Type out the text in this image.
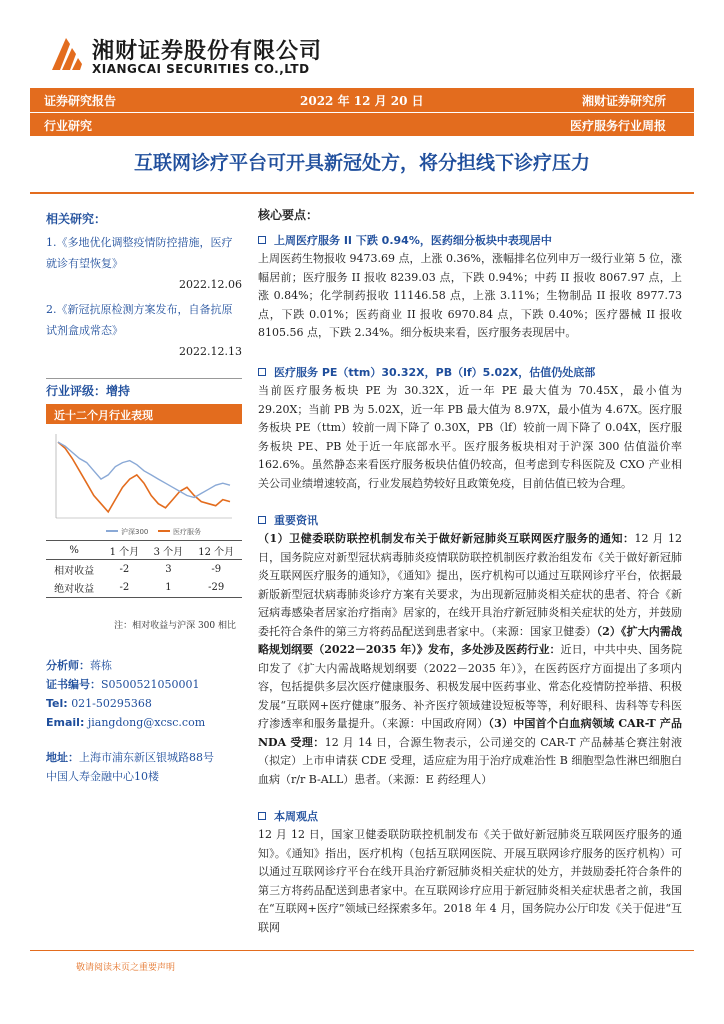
湘财证券股份有限公司
XIANGCAI SECURITIES CO.,LTD
证券研究报告	2022 年 12 月 20 日	湘财证券研究所
行业研究	医疗服务行业周报
互联网诊疗平台可开具新冠处方，将分担线下诊疗压力
相关研究：
1.《多地优化调整疫情防控措施，医疗就诊有望恢复》
2022.12.06
2.《新冠抗原检测方案发布，自备抗原试剂盒成常态》
2022.12.13
行业评级：增持
近十二个月行业表现
沪深300	医疗服务
%	1 个月	3 个月	12 个月
相对收益	-2	3	-9
绝对收益	-2	1	-29
注：相对收益与沪深 300 相比
分析师：蒋栋
证书编号：S0500521050001
Tel: 021-50295368
Email: jiangdong@xcsc.com
地址：上海市浦东新区银城路88号
中国人寿金融中心10楼
核心要点：
上周医疗服务 II 下跌 0.94%，医药细分板块中表现居中
上周医药生物报收 9473.69 点，上涨 0.36%，涨幅排名位列申万一级行业第 5 位，涨幅居前；医疗服务 II 报收 8239.03 点，下跌 0.94%；中药 II 报收 8067.97 点，上涨 0.84%；化学制药报收 11146.58 点，上涨 3.11%；生物制品 II 报收 8977.73 点，下跌 0.01%；医药商业 II 报收 6970.84 点，下跌 0.40%；医疗器械 II 报收 8105.56 点，下跌 2.34%。细分板块来看，医疗服务表现居中。
医疗服务 PE（ttm）30.32X，PB（lf）5.02X，估值仍处底部
当前医疗服务板块 PE 为 30.32X，近一年 PE 最大值为 70.45X，最小值为 29.20X；当前 PB 为 5.02X，近一年 PB 最大值为 8.97X，最小值为 4.67X。医疗服务板块 PE（ttm）较前一周下降了 0.30X，PB（lf）较前一周下降了 0.04X，医疗服务板块 PE、PB 处于近一年底部水平。医疗服务板块相对于沪深 300 估值溢价率 162.6%。虽然静态来看医疗服务板块估值仍较高，但考虑到专科医院及 CXO 产业相关公司业绩增速较高，行业发展趋势较好且政策免疫，目前估值已较为合理。
重要资讯
（1）卫健委联防联控机制发布关于做好新冠肺炎互联网医疗服务的通知：12 月 12 日，国务院应对新型冠状病毒肺炎疫情联防联控机制医疗救治组发布《关于做好新冠肺炎互联网医疗服务的通知》，《通知》提出，医疗机构可以通过互联网诊疗平台，依据最新版新型冠状病毒肺炎诊疗方案有关要求，为出现新冠肺炎相关症状的患者、符合《新冠病毒感染者居家治疗指南》居家的，在线开具治疗新冠肺炎相关症状的处方，并鼓励委托符合条件的第三方将药品配送到患者家中。（来源：国家卫健委）（2）《扩大内需战略规划纲要（2022－2035 年）》发布，多处涉及医药行业：近日，中共中央、国务院印发了《扩大内需战略规划纲要（2022－2035 年）》，在医药医疗方面提出了多项内容，包括提供多层次医疗健康服务、积极发展中医药事业、常态化疫情防控举措、积极发展“互联网+医疗健康”服务、补齐医疗领域建设短板等等，利好眼科、齿科等专科医疗渗透率和服务量提升。（来源：中国政府网）（3）中国首个白血病领域 CAR-T 产品 NDA 受理：12 月 14 日，合源生物表示，公司递交的 CAR-T 产品赫基仑赛注射液（拟定）上市申请获 CDE 受理，适应症为用于治疗成难治性 B 细胞型急性淋巴细胞白血病（r/r B-ALL）患者。（来源：E 药经理人）
本周观点
12 月 12 日，国家卫健委联防联控机制发布《关于做好新冠肺炎互联网医疗服务的通知》。《通知》指出，医疗机构（包括互联网医院、开展互联网诊疗服务的医疗机构）可以通过互联网诊疗平台在线开具治疗新冠肺炎相关症状的处方，并鼓励委托符合条件的第三方将药品配送到患者家中。在互联网诊疗应用于新冠肺炎相关症状患者之前，我国在“互联网+医疗”领域已经探索多年。2018 年 4 月，国务院办公厅印发《关于促进“互联网
敬请阅读末页之重要声明
